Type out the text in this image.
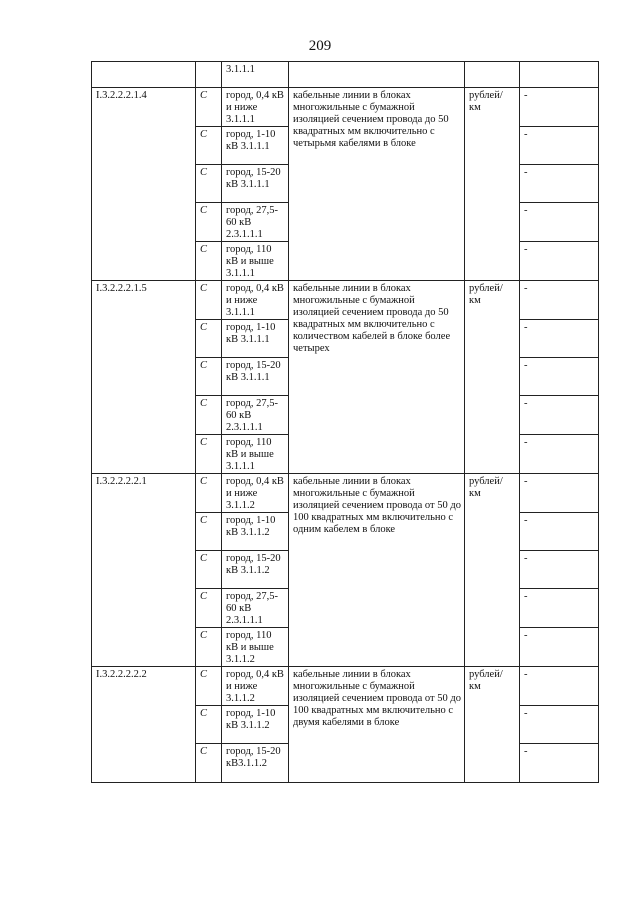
209
		3.1.1.1			
I.3.2.2.2.1.4	С	город, 0,4 кВ и ниже 3.1.1.1	кабельные линии в блоках многожильные с бумажной изоляцией сечением провода до 50 квадратных мм включительно с четырьмя кабелями в блоке	рублей/ км	-
	С	город, 1-10 кВ 3.1.1.1			-
	С	город, 15-20 кВ 3.1.1.1			-
	С	город, 27,5-60 кВ 2.3.1.1.1			-
	С	город, 110 кВ и выше 3.1.1.1			-
I.3.2.2.2.1.5	С	город, 0,4 кВ и ниже 3.1.1.1	кабельные линии в блоках многожильные с бумажной изоляцией сечением провода до 50 квадратных мм включительно с количеством кабелей в блоке более четырех	рублей/ км	-
	С	город, 1-10 кВ 3.1.1.1			-
	С	город, 15-20 кВ 3.1.1.1			-
	С	город, 27,5-60 кВ 2.3.1.1.1			-
	С	город, 110 кВ и выше 3.1.1.1			-
I.3.2.2.2.2.1	С	город, 0,4 кВ и ниже 3.1.1.2	кабельные линии в блоках многожильные с бумажной изоляцией сечением провода от 50 до 100 квадратных мм включительно с одним кабелем в блоке	рублей/ км	-
	С	город, 1-10 кВ 3.1.1.2			-
	С	город, 15-20 кВ 3.1.1.2			-
	С	город, 27,5-60 кВ 2.3.1.1.1			-
	С	город, 110 кВ и выше 3.1.1.2			-
I.3.2.2.2.2.2	С	город, 0,4 кВ и ниже 3.1.1.2	кабельные линии в блоках многожильные с бумажной изоляцией сечением провода от 50 до 100 квадратных мм включительно с двумя кабелями в блоке	рублей/ км	-
	С	город, 1-10 кВ 3.1.1.2			-
	С	город, 15-20 кВ3.1.1.2			-
